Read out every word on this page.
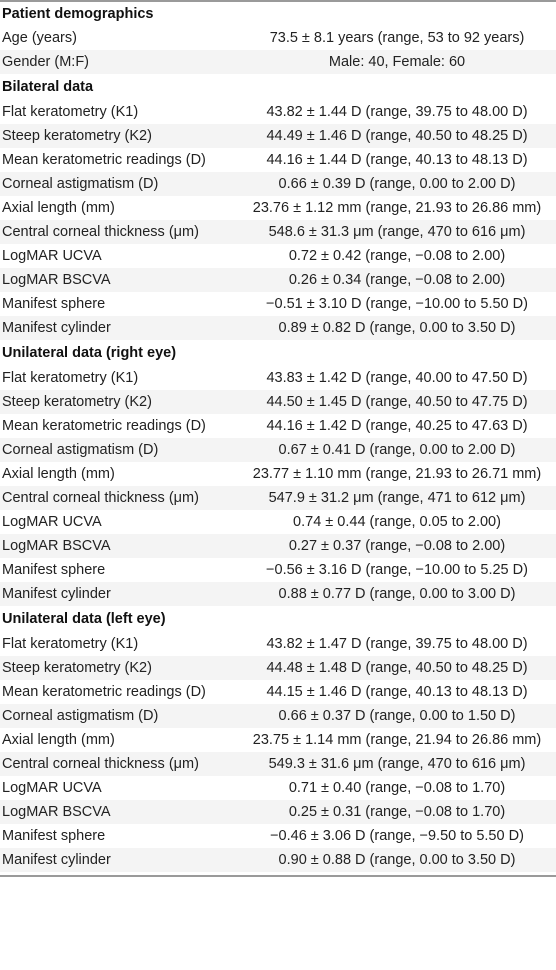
Patient demographics
Age (years)	73.5 ± 8.1 years (range, 53 to 92 years)
Gender (M:F)	Male: 40, Female: 60
Bilateral data
Flat keratometry (K1)	43.82 ± 1.44 D (range, 39.75 to 48.00 D)
Steep keratometry (K2)	44.49 ± 1.46 D (range, 40.50 to 48.25 D)
Mean keratometric readings (D)	44.16 ± 1.44 D (range, 40.13 to 48.13 D)
Corneal astigmatism (D)	0.66 ± 0.39 D (range, 0.00 to 2.00 D)
Axial length (mm)	23.76 ± 1.12 mm (range, 21.93 to 26.86 mm)
Central corneal thickness (μm)	548.6 ± 31.3 μm (range, 470 to 616 μm)
LogMAR UCVA	0.72 ± 0.42 (range, −0.08 to 2.00)
LogMAR BSCVA	0.26 ± 0.34 (range, −0.08 to 2.00)
Manifest sphere	−0.51 ± 3.10 D (range, −10.00 to 5.50 D)
Manifest cylinder	0.89 ± 0.82 D (range, 0.00 to 3.50 D)
Unilateral data (right eye)
Flat keratometry (K1)	43.83 ± 1.42 D (range, 40.00 to 47.50 D)
Steep keratometry (K2)	44.50 ± 1.45 D (range, 40.50 to 47.75 D)
Mean keratometric readings (D)	44.16 ± 1.42 D (range, 40.25 to 47.63 D)
Corneal astigmatism (D)	0.67 ± 0.41 D (range, 0.00 to 2.00 D)
Axial length (mm)	23.77 ± 1.10 mm (range, 21.93 to 26.71 mm)
Central corneal thickness (μm)	547.9 ± 31.2 μm (range, 471 to 612 μm)
LogMAR UCVA	0.74 ± 0.44 (range, 0.05 to 2.00)
LogMAR BSCVA	0.27 ± 0.37 (range, −0.08 to 2.00)
Manifest sphere	−0.56 ± 3.16 D (range, −10.00 to 5.25 D)
Manifest cylinder	0.88 ± 0.77 D (range, 0.00 to 3.00 D)
Unilateral data (left eye)
Flat keratometry (K1)	43.82 ± 1.47 D (range, 39.75 to 48.00 D)
Steep keratometry (K2)	44.48 ± 1.48 D (range, 40.50 to 48.25 D)
Mean keratometric readings (D)	44.15 ± 1.46 D (range, 40.13 to 48.13 D)
Corneal astigmatism (D)	0.66 ± 0.37 D (range, 0.00 to 1.50 D)
Axial length (mm)	23.75 ± 1.14 mm (range, 21.94 to 26.86 mm)
Central corneal thickness (μm)	549.3 ± 31.6 μm (range, 470 to 616 μm)
LogMAR UCVA	0.71 ± 0.40 (range, −0.08 to 1.70)
LogMAR BSCVA	0.25 ± 0.31 (range, −0.08 to 1.70)
Manifest sphere	−0.46 ± 3.06 D (range, −9.50 to 5.50 D)
Manifest cylinder	0.90 ± 0.88 D (range, 0.00 to 3.50 D)
